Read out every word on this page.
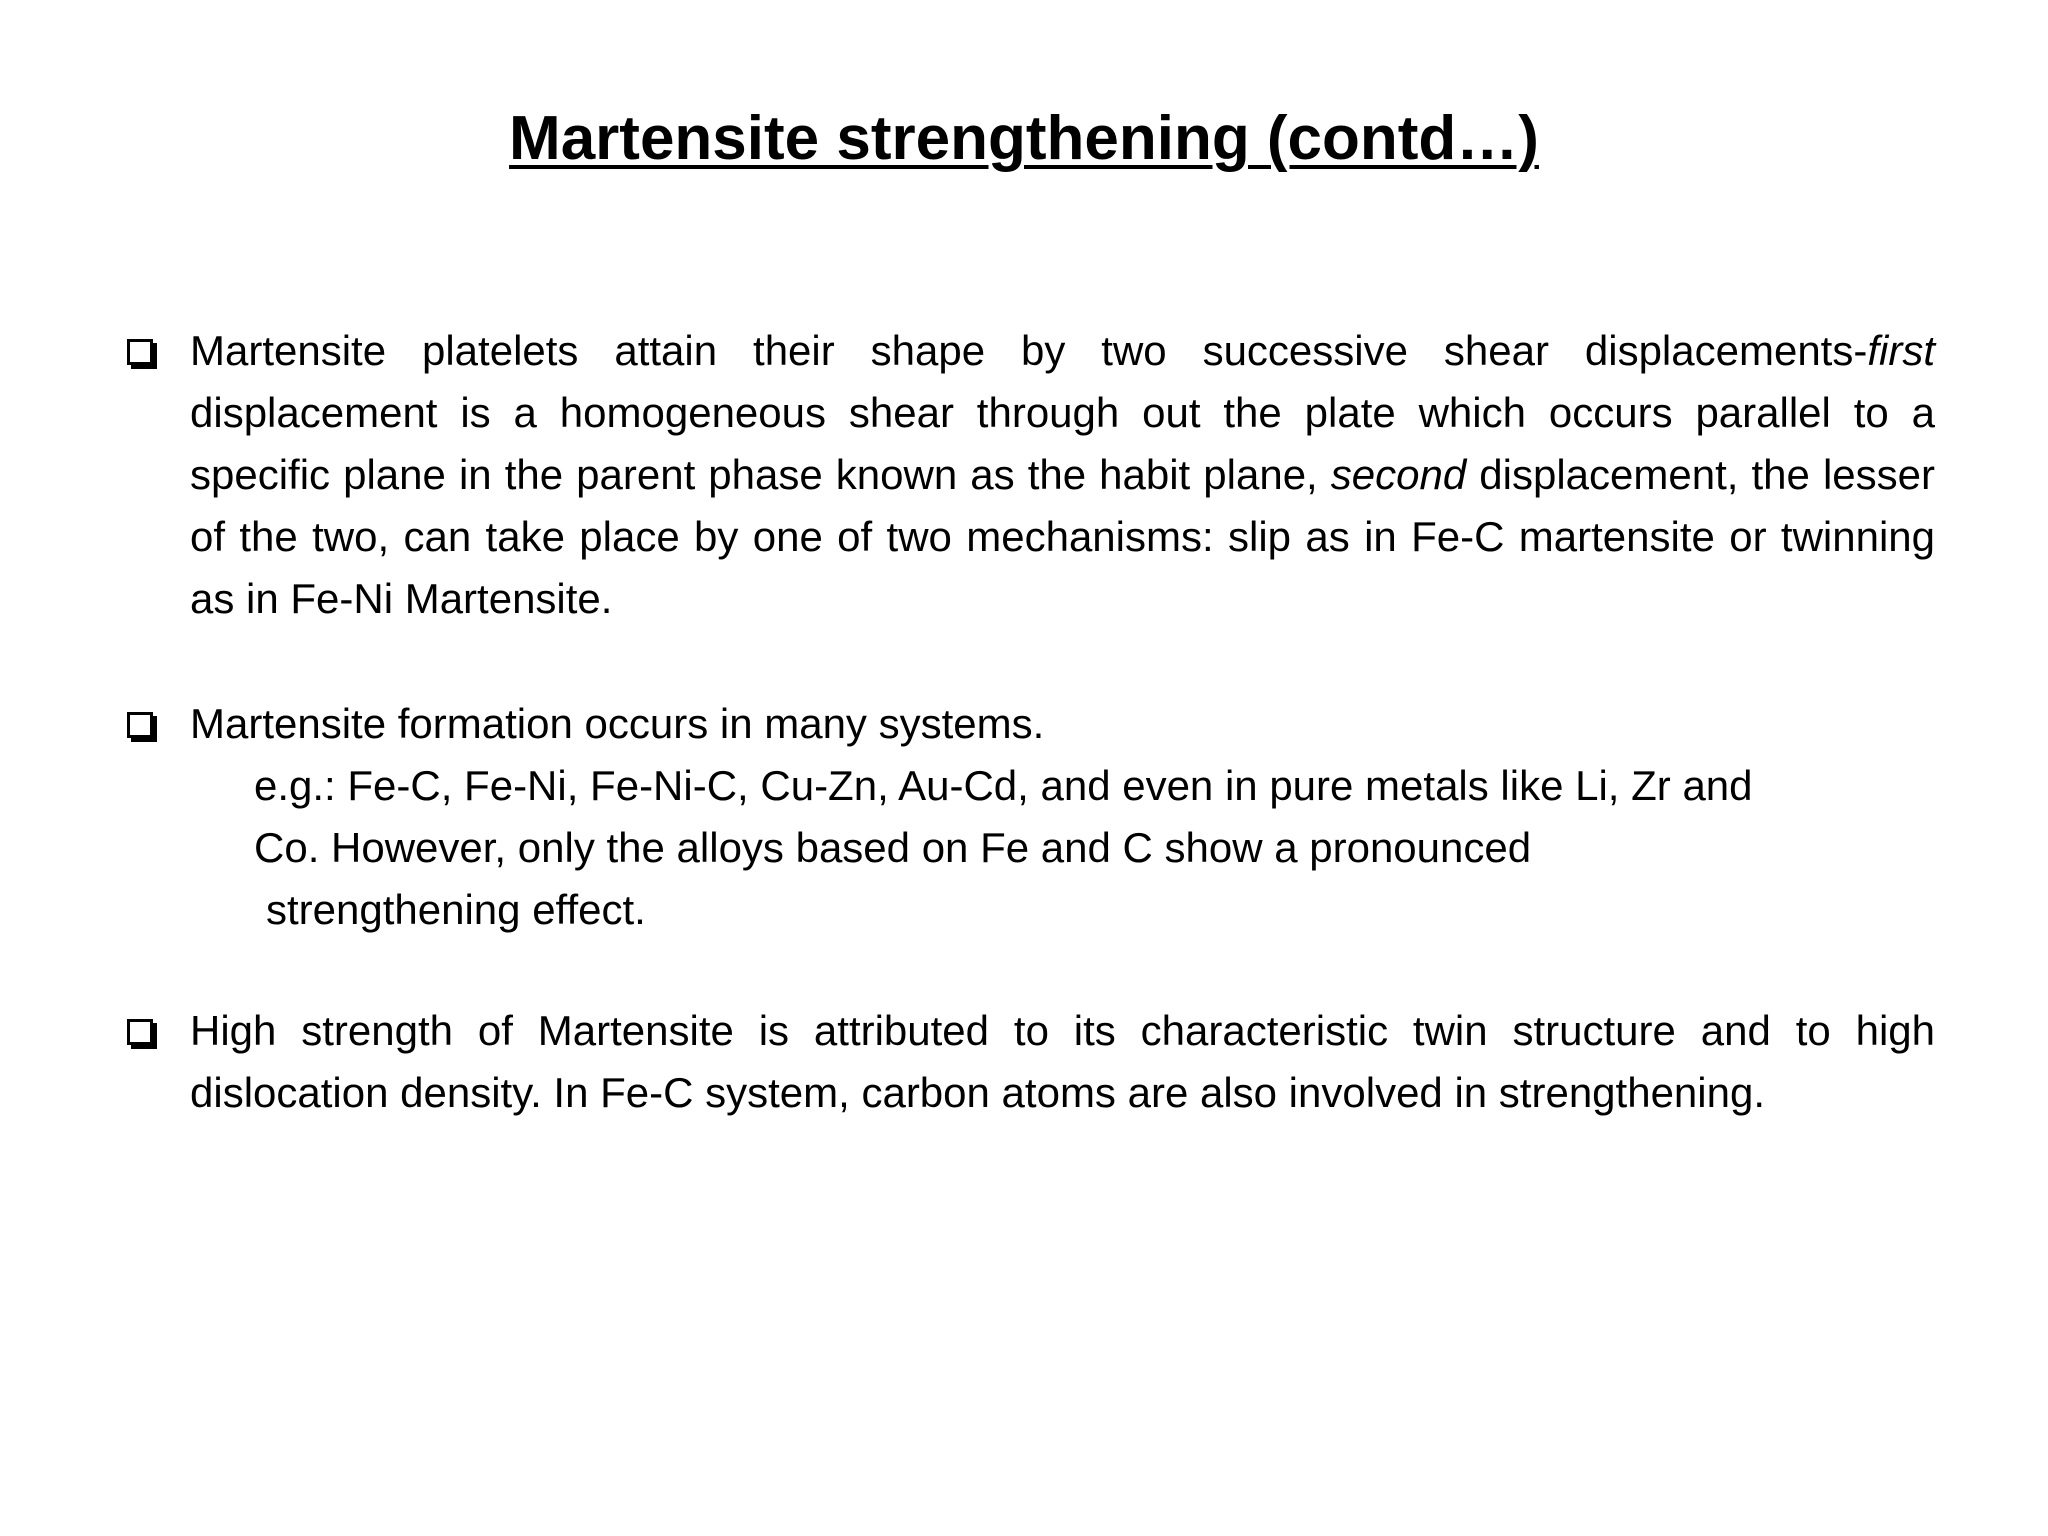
Martensite strengthening (contd…)
Martensite platelets attain their shape by two successive shear displacements-first displacement is a homogeneous shear through out the plate which occurs parallel to a specific plane in the parent phase known as the habit plane, second displacement, the lesser of the two, can take place by one of two mechanisms: slip as in Fe-C martensite or twinning as in Fe-Ni Martensite.
Martensite formation occurs in many systems.
e.g.: Fe-C, Fe-Ni, Fe-Ni-C, Cu-Zn, Au-Cd, and even in pure metals like Li, Zr and
Co. However, only the alloys based on Fe and C show a pronounced
strengthening effect.
High strength of Martensite is attributed to its characteristic twin structure and to high dislocation density. In Fe-C system, carbon atoms are also involved in strengthening.
